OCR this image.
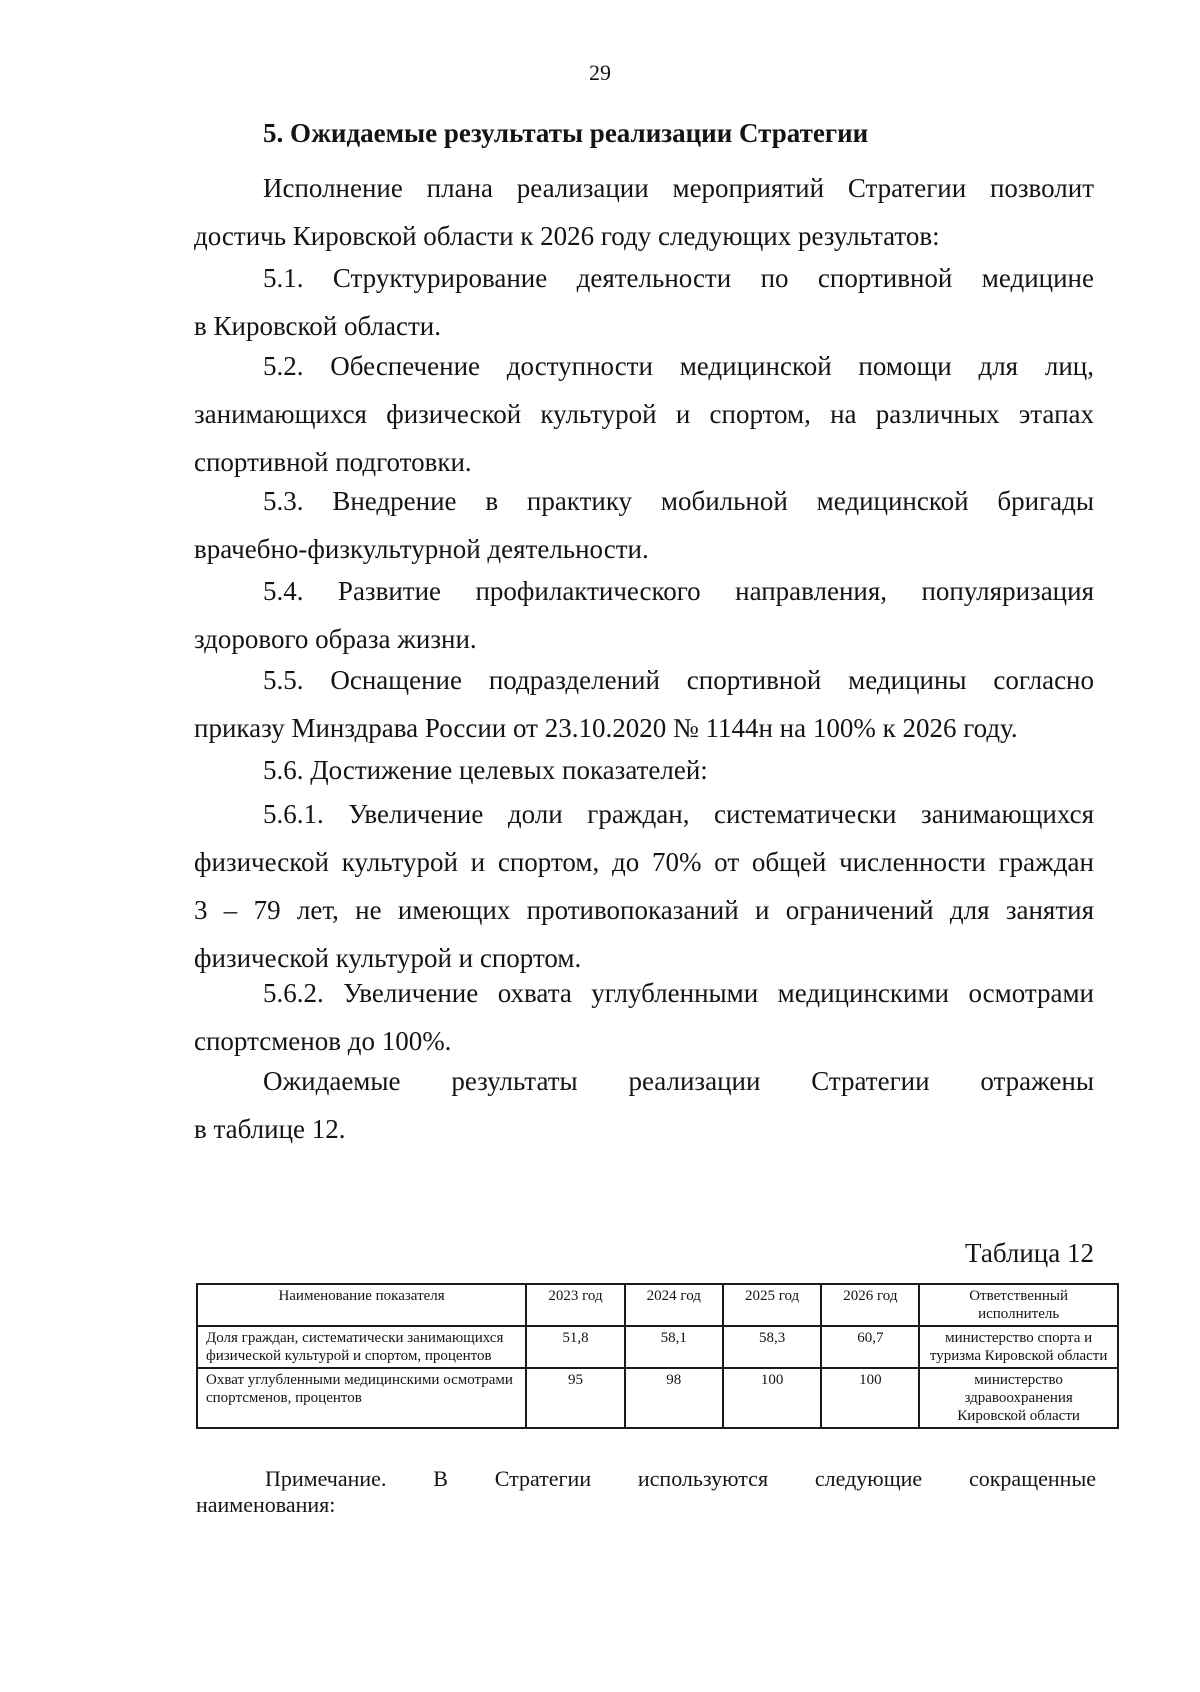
29
5. Ожидаемые результаты реализации Стратегии
Исполнение плана реализации мероприятий Стратегии позволит
достичь Кировской области к 2026 году следующих результатов:
5.1. Структурирование деятельности по спортивной медицине
в Кировской области.
5.2. Обеспечение доступности медицинской помощи для лиц,
занимающихся физической культурой и спортом, на различных этапах
спортивной подготовки.
5.3. Внедрение в практику мобильной медицинской бригады
врачебно-физкультурной деятельности.
5.4. Развитие профилактического направления, популяризация
здорового образа жизни.
5.5. Оснащение подразделений спортивной медицины согласно
приказу Минздрава России от 23.10.2020 № 1144н на 100% к 2026 году.
5.6. Достижение целевых показателей:
5.6.1. Увеличение доли граждан, систематически занимающихся
физической культурой и спортом, до 70% от общей численности граждан
3 – 79 лет, не имеющих противопоказаний и ограничений для занятия
физической культурой и спортом.
5.6.2. Увеличение охвата углубленными медицинскими осмотрами
спортсменов до 100%.
Ожидаемые результаты реализации Стратегии отражены
в таблице 12.
Таблица 12
Наименование показателя	2023 год	2024 год	2025 год	2026 год	Ответственный исполнитель
Доля граждан, систематически занимающихся физической культурой и спортом, процентов	51,8	58,1	58,3	60,7	министерство спорта и туризма Кировской области
Охват углубленными медицинскими осмотрами спортсменов, процентов	95	98	100	100	министерство здравоохранения Кировской области
Примечание. В Стратегии используются следующие сокращенные
наименования:
